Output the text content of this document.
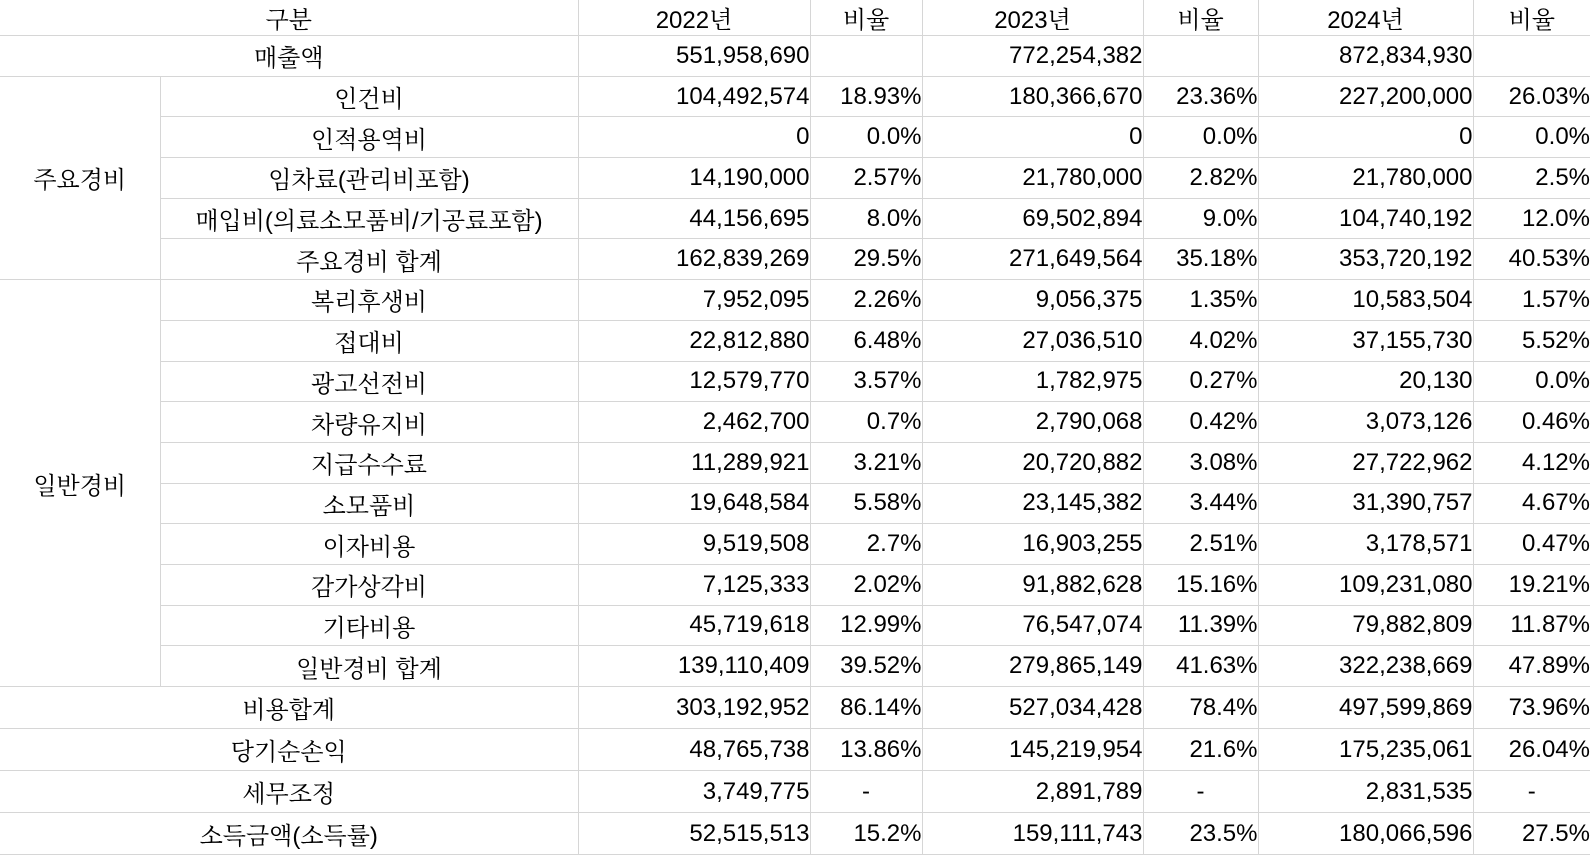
구분		2022년	비율	2023년	비율	2024년	비율
매출액		551,958,690		772,254,382		872,834,930	
주요경비	인건비	104,492,574	18.93%	180,366,670	23.36%	227,200,000	26.03%
	인적용역비	0	0.0%	0	0.0%	0	0.0%
	임차료(관리비포함)	14,190,000	2.57%	21,780,000	2.82%	21,780,000	2.5%
	매입비(의료소모품비/기공료포함)	44,156,695	8.0%	69,502,894	9.0%	104,740,192	12.0%
	주요경비 합계	162,839,269	29.5%	271,649,564	35.18%	353,720,192	40.53%
일반경비	복리후생비	7,952,095	2.26%	9,056,375	1.35%	10,583,504	1.57%
	접대비	22,812,880	6.48%	27,036,510	4.02%	37,155,730	5.52%
	광고선전비	12,579,770	3.57%	1,782,975	0.27%	20,130	0.0%
	차량유지비	2,462,700	0.7%	2,790,068	0.42%	3,073,126	0.46%
	지급수수료	11,289,921	3.21%	20,720,882	3.08%	27,722,962	4.12%
	소모품비	19,648,584	5.58%	23,145,382	3.44%	31,390,757	4.67%
	이자비용	9,519,508	2.7%	16,903,255	2.51%	3,178,571	0.47%
	감가상각비	7,125,333	2.02%	91,882,628	15.16%	109,231,080	19.21%
	기타비용	45,719,618	12.99%	76,547,074	11.39%	79,882,809	11.87%
	일반경비 합계	139,110,409	39.52%	279,865,149	41.63%	322,238,669	47.89%
비용합계		303,192,952	86.14%	527,034,428	78.4%	497,599,869	73.96%
당기순손익		48,765,738	13.86%	145,219,954	21.6%	175,235,061	26.04%
세무조정		3,749,775	-	2,891,789	-	2,831,535	-
소득금액(소득률)		52,515,513	15.2%	159,111,743	23.5%	180,066,596	27.5%
